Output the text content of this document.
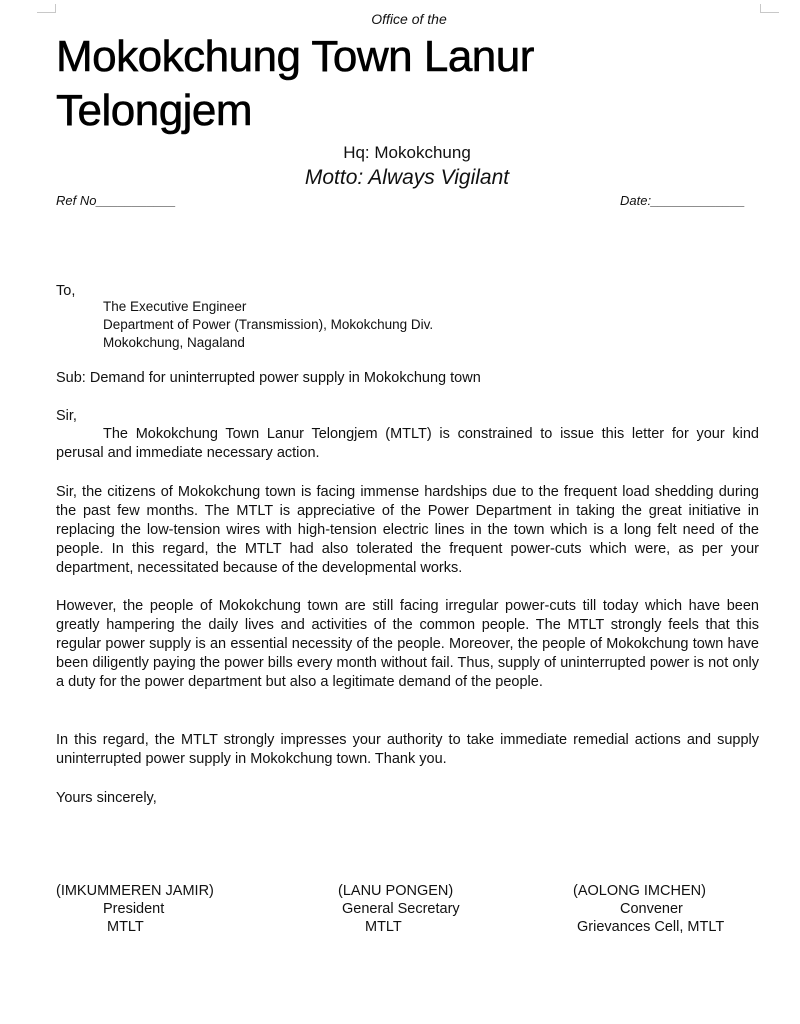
Office of the
Mokokchung Town Lanur Telongjem
Hq: Mokokchung
Motto: Always Vigilant
Ref No___________	Date:_____________
To,
The Executive Engineer
Department of Power (Transmission), Mokokchung Div.
Mokokchung, Nagaland
Sub: Demand for uninterrupted power supply in Mokokchung town
Sir,
The Mokokchung Town Lanur Telongjem (MTLT) is constrained to issue this letter for your kind perusal and immediate necessary action.
Sir, the citizens of Mokokchung town is facing immense hardships due to the frequent load shedding during the past few months. The MTLT is appreciative of the Power Department in taking the great initiative in replacing the low-tension wires with high-tension electric lines in the town which is a long felt need of the people. In this regard, the MTLT had also tolerated the frequent power-cuts which were, as per your department, necessitated because of the developmental works.
However, the people of Mokokchung town are still facing irregular power-cuts till today which have been greatly hampering the daily lives and activities of the common people. The MTLT strongly feels that this regular power supply is an essential necessity of the people. Moreover, the people of Mokokchung town have been diligently paying the power bills every month without fail. Thus, supply of uninterrupted power is not only a duty for the power department but also a legitimate demand of the people.
In this regard, the MTLT strongly impresses your authority to take immediate remedial actions and supply uninterrupted power supply in Mokokchung town. Thank you.
Yours sincerely,
(IMKUMMEREN JAMIR)
President
MTLT
(LANU PONGEN)
General Secretary
MTLT
(AOLONG IMCHEN)
Convener
Grievances Cell, MTLT
